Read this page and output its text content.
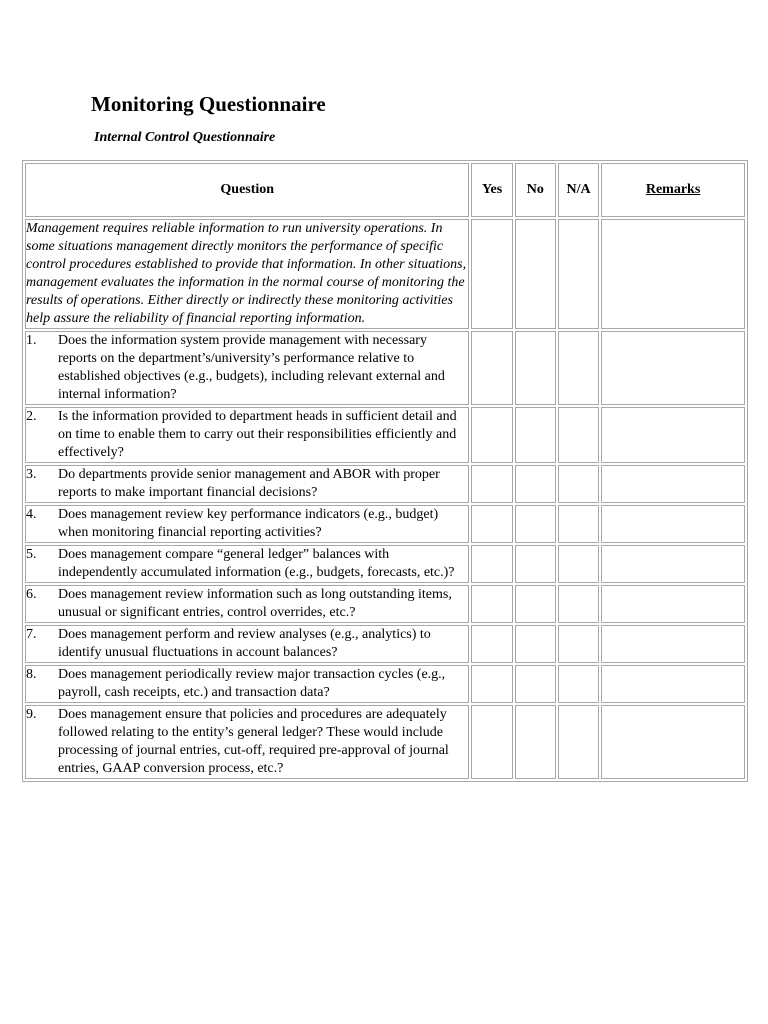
Monitoring Questionnaire

Internal Control Questionnaire

Question	Yes	No	N/A	Remarks
Management requires reliable information to run university operations. In some situations management directly monitors the performance of specific control procedures established to provide that information. In other situations, management evaluates the information in the normal course of monitoring the results of operations. Either directly or indirectly these monitoring activities help assure the reliability of financial reporting information.				

1. Does the information system provide management with necessary reports on the department’s/university’s performance relative to established objectives (e.g., budgets), including relevant external and internal information?				

2. Is the information provided to department heads in sufficient detail and on time to enable them to carry out their responsibilities efficiently and effectively?				

3. Do departments provide senior management and ABOR with proper reports to make important financial decisions?				

4. Does management review key performance indicators (e.g., budget) when monitoring financial reporting activities?				

5. Does management compare “general ledger” balances with independently accumulated information (e.g., budgets, forecasts, etc.)?				

6. Does management review information such as long outstanding items, unusual or significant entries, control overrides, etc.?				

7. Does management perform and review analyses (e.g., analytics) to identify unusual fluctuations in account balances?				

8. Does management periodically review major transaction cycles (e.g., payroll, cash receipts, etc.) and transaction data?				

9. Does management ensure that policies and procedures are adequately followed relating to the entity’s general ledger? These would include processing of journal entries, cut-off, required pre-approval of journal entries, GAAP conversion process, etc.?				
